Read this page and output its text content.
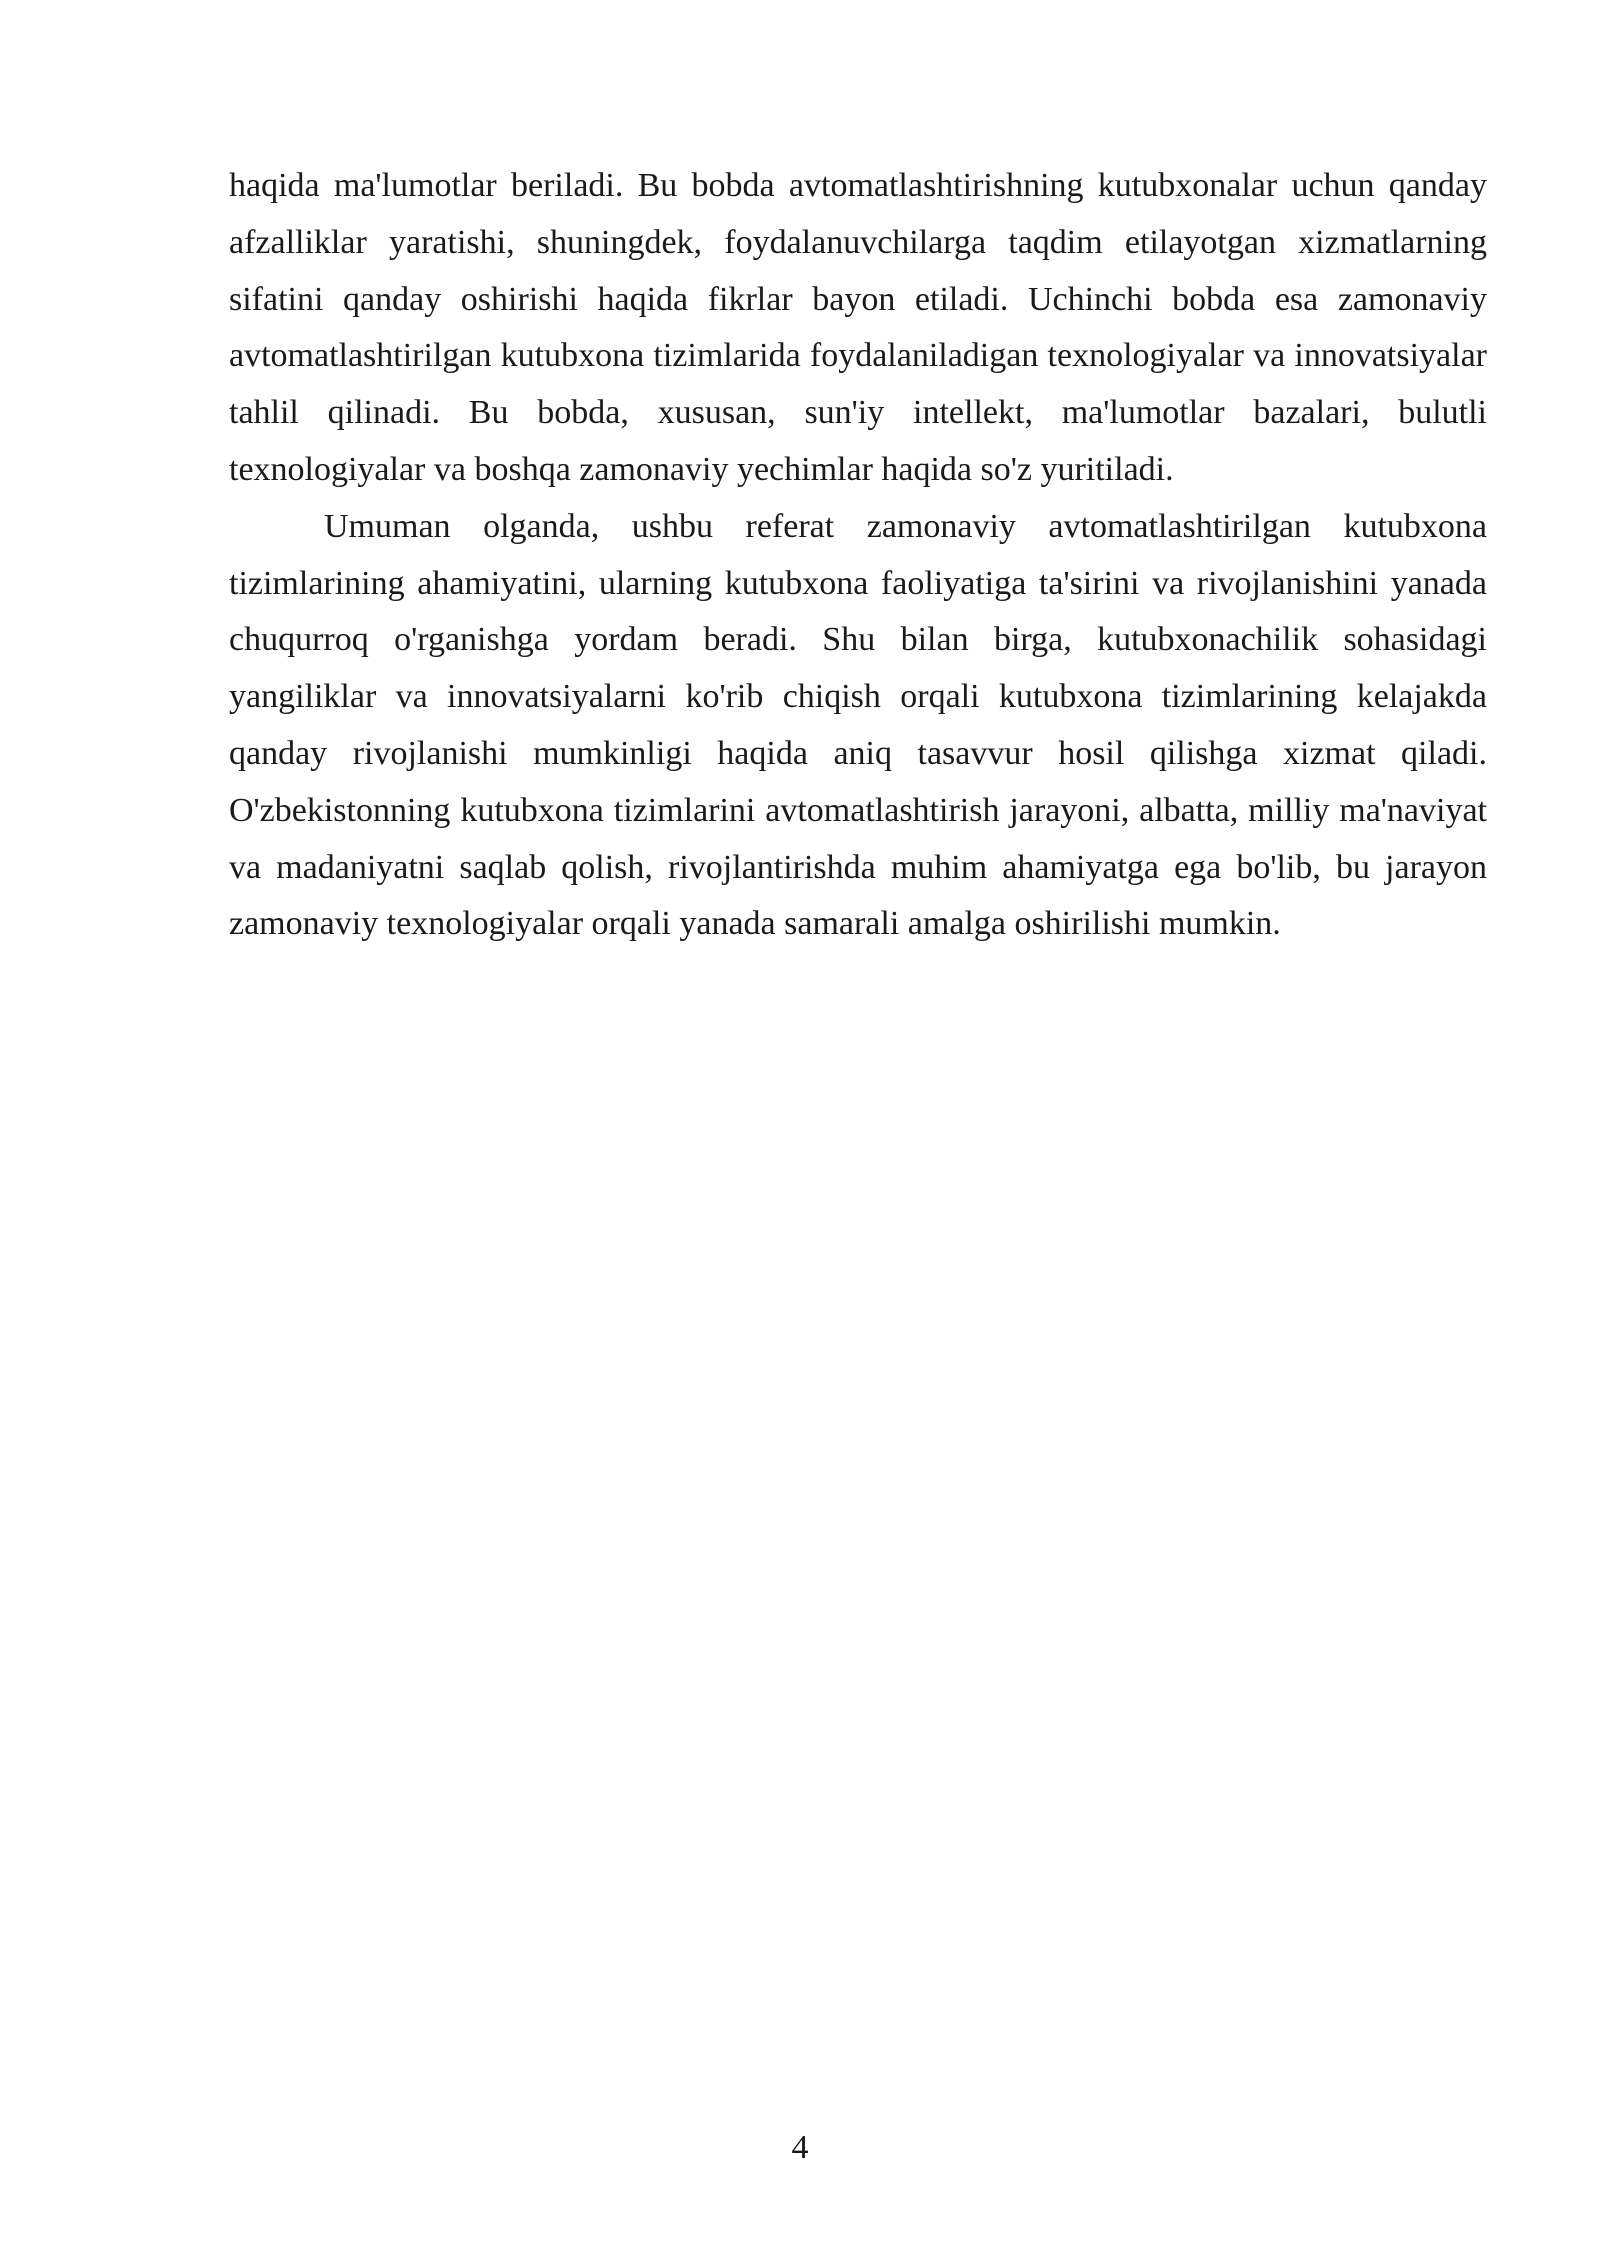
haqida ma'lumotlar beriladi. Bu bobda avtomatlashtirishning kutubxonalar uchun qanday afzalliklar yaratishi, shuningdek, foydalanuvchilarga taqdim etilayotgan xizmatlarning sifatini qanday oshirishi haqida fikrlar bayon etiladi. Uchinchi bobda esa zamonaviy avtomatlashtirilgan kutubxona tizimlarida foydalaniladigan texnologiyalar va innovatsiyalar tahlil qilinadi. Bu bobda, xususan, sun'iy intellekt, ma'lumotlar bazalari, bulutli texnologiyalar va boshqa zamonaviy yechimlar haqida so'z yuritiladi.

Umuman olganda, ushbu referat zamonaviy avtomatlashtirilgan kutubxona tizimlarining ahamiyatini, ularning kutubxona faoliyatiga ta'sirini va rivojlanishini yanada chuqurroq o'rganishga yordam beradi. Shu bilan birga, kutubxonachilik sohasidagi yangiliklar va innovatsiyalarni ko'rib chiqish orqali kutubxona tizimlarining kelajakda qanday rivojlanishi mumkinligi haqida aniq tasavvur hosil qilishga xizmat qiladi. O'zbekistonning kutubxona tizimlarini avtomatlashtirish jarayoni, albatta, milliy ma'naviyat va madaniyatni saqlab qolish, rivojlantirishda muhim ahamiyatga ega bo'lib, bu jarayon zamonaviy texnologiyalar orqali yanada samarali amalga oshirilishi mumkin.

4
